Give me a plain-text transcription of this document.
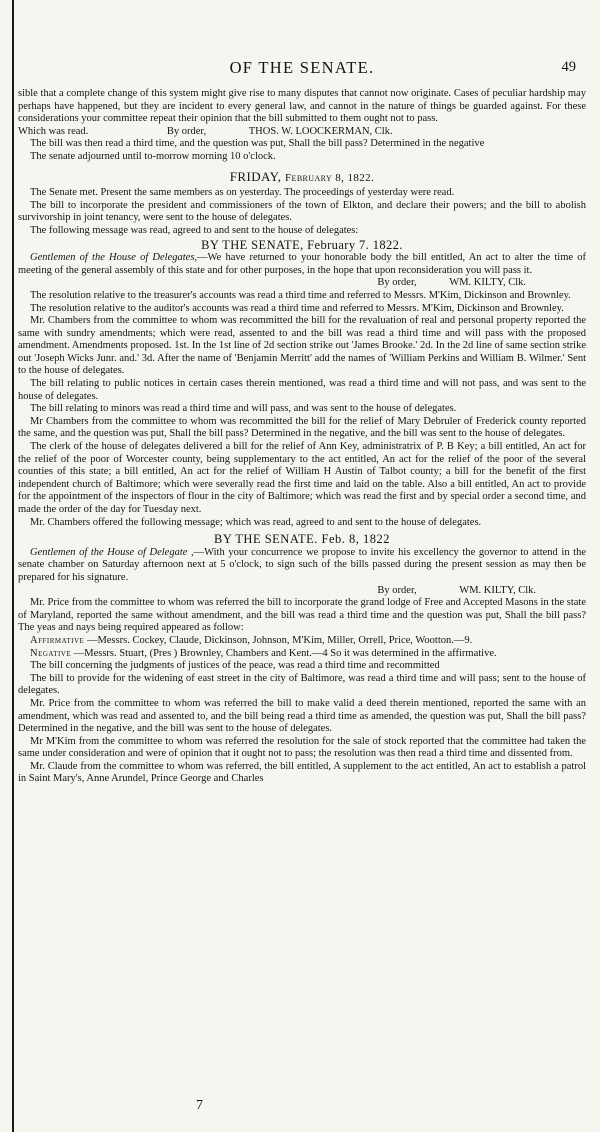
OF THE SENATE.	49

sible that a complete change of this system might give rise to many disputes that cannot now originate. Cases of peculiar hardship may perhaps have happened, but they are incident to every general law, and cannot in the nature of things be guarded against. For these considerations your committee repeat their opinion that the bill submitted to them ought not to pass.

Which was read.	By order,	THOS. W. LOOCKERMAN, Clk.

The bill was then read a third time, and the question was put, Shall the bill pass? Determined in the negative

The senate adjourned until to-morrow morning 10 o'clock.

FRIDAY, February 8, 1822.

The Senate met. Present the same members as on yesterday. The proceedings of yesterday were read.

The bill to incorporate the president and commissioners of the town of Elkton, and declare their powers; and the bill to abolish survivorship in joint tenancy, were sent to the house of delegates.

The following message was read, agreed to and sent to the house of delegates:

BY THE SENATE, February 7. 1822.

Gentlemen of the House of Delegates,—We have returned to your honorable body the bill entitled, An act to alter the time of meeting of the general assembly of this state and for other purposes, in the hope that upon reconsideration you will pass it.

By order,	WM. KILTY, Clk.

The resolution relative to the treasurer's accounts was read a third time and referred to Messrs. M'Kim, Dickinson and Brownley.

The resolution relative to the auditor's accounts was read a third time and referred to Messrs. M'Kim, Dickinson and Brownley.

Mr. Chambers from the committee to whom was recommitted the bill for the revaluation of real and personal property reported the same with sundry amendments; which were read, assented to and the bill was read a third time and will pass with the proposed amendment. Amendments proposed. 1st. In the 1st line of 2d section strike out 'James Brooke.' 2d. In the 2d line of same section strike out 'Joseph Wicks Junr. and.' 3d. After the name of 'Benjamin Merritt' add the names of 'William Perkins and William B. Wilmer.' Sent to the house of delegates.

The bill relating to public notices in certain cases therein mentioned, was read a third time and will not pass, and was sent to the house of delegates.

The bill relating to minors was read a third time and will pass, and was sent to the house of delegates.

Mr Chambers from the committee to whom was recommitted the bill for the relief of Mary Debruler of Frederick county reported the same, and the question was put, Shall the bill pass? Determined in the negative, and the bill was sent to the house of delegates.

The clerk of the house of delegates delivered a bill for the relief of Ann Key, administratrix of P. B Key; a bill entitled, An act for the relief of the poor of Worcester county, being supplementary to the act entitled, An act for the relief of the poor of the several counties of this state; a bill entitled, An act for the relief of William H Austin of Talbot county; a bill for the benefit of the first independent church of Baltimore; which were severally read the first time and laid on the table. Also a bill entitled, An act to provide for the appointment of the inspectors of flour in the city of Baltimore; which was read the first and by special order a second time, and made the order of the day for Tuesday next.

Mr. Chambers offered the following message; which was read, agreed to and sent to the house of delegates.

BY THE SENATE. Feb. 8, 1822

Gentlemen of the House of Delegate ,—With your concurrence we propose to invite his excellency the governor to attend in the senate chamber on Saturday afternoon next at 5 o'clock, to sign such of the bills passed during the present session as may then be prepared for his signature.

By order,	WM. KILTY, Clk.

Mr. Price from the committee to whom was referred the bill to incorporate the grand lodge of Free and Accepted Masons in the state of Maryland, reported the same without amendment, and the bill was read a third time and the question was put, Shall the bill pass? The yeas and nays being required appeared as follow:

Affirmative —Messrs. Cockey, Claude, Dickinson, Johnson, M'Kim, Miller, Orrell, Price, Wootton.—9.

Negative —Messrs. Stuart, (Pres ) Brownley, Chambers and Kent.—4 So it was determined in the affirmative.

The bill concerning the judgments of justices of the peace, was read a third time and recommitted

The bill to provide for the widening of east street in the city of Baltimore, was read a third time and will pass; sent to the house of delegates.

Mr. Price from the committee to whom was referred the bill to make valid a deed therein mentioned, reported the same with an amendment, which was read and assented to, and the bill being read a third time as amended, the question was put, Shall the bill pass? Determined in the negative, and the bill was sent to the house of delegates.

Mr M'Kim from the committee to whom was referred the resolution for the sale of stock reported that the committee had taken the same under consideration and were of opinion that it ought not to pass; the resolution was then read a third time and dissented from.

Mr. Claude from the committee to whom was referred, the bill entitled, A supplement to the act entitled, An act to establish a patrol in Saint Mary's, Anne Arundel, Prince George and Charles

7
